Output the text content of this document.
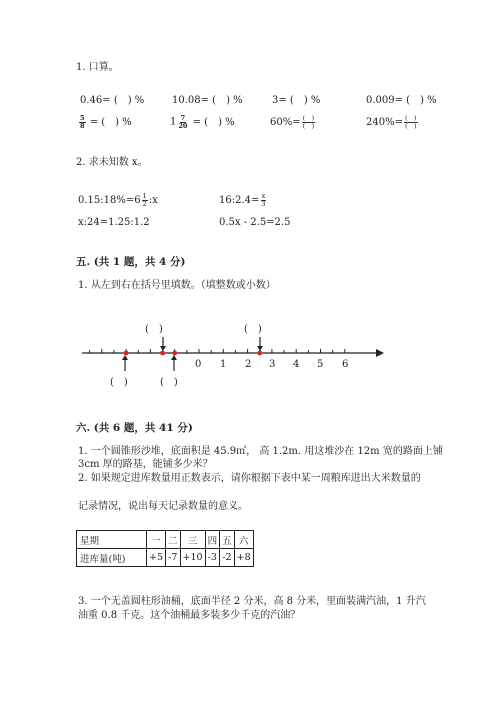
1. 口算。
0.46= (　) %	10.08= (　) %	3= (　) %	0.009= (　) %
$\frac{5}{8}$ = (　) %	$1 \frac{7}{20}$ = (　) %	$60\%= \frac{( )}{( )}$	$240\%= \frac{( )}{( )}$
2. 求未知数 x。
0.15:18%=6 $\frac{1}{2}$ :x	16:2.4= $\frac{x}{3}$
x:24=1.25:1.2	0.5x - 2.5=2.5
五. (共 1 题，共 4 分)
1. 从左到右在括号里填数。（填整数或小数）
(　)	(　)
(　)	(　)
0 1 2 3 4 5 6
六. (共 6 题，共 41 分)
1. 一个圆锥形沙堆，底面积是 45.9㎡， 高 1.2m. 用这堆沙在 12m 宽的路面上铺
3cm 厚的路基，能铺多少米？
2. 如果规定进库数量用正数表示，请你根据下表中某一周粮库进出大米数量的
记录情况，说出每天记录数量的意义。
星期	一	二	三	四	五	六
进库量(吨)	+5	-7	+10	-3	-2	+8
3. 一个无盖圆柱形油桶，底面半径 2 分米，高 8 分米，里面装满汽油，1 升汽
油重 0.8 千克。这个油桶最多装多少千克的汽油？
